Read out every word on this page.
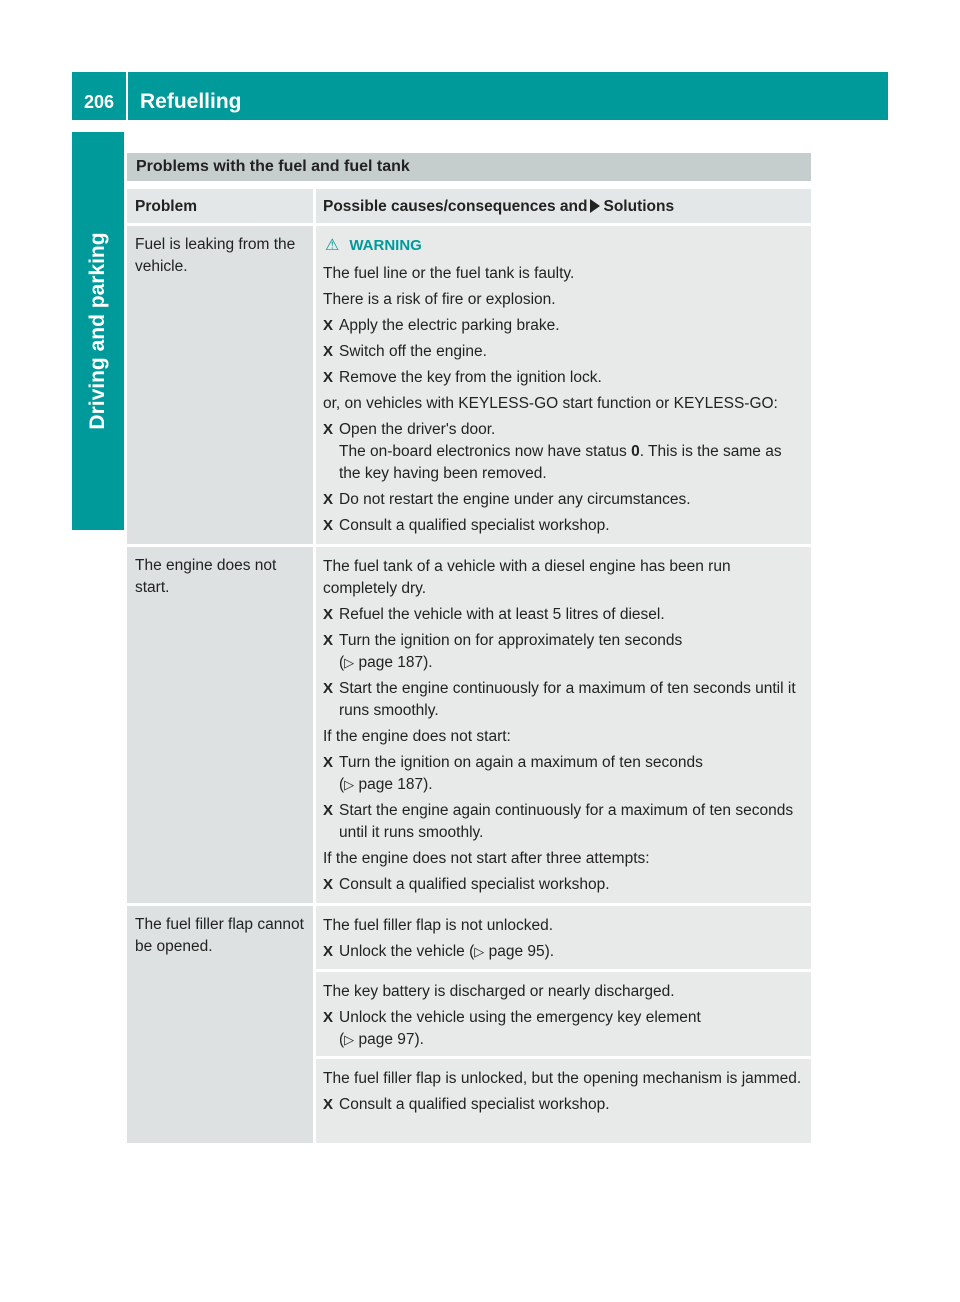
206	Refuelling
Driving and parking
Problems with the fuel and fuel tank
Problem	Possible causes/consequences and Solutions
Fuel is leaking from the vehicle.
⚠ WARNING
The fuel line or the fuel tank is faulty.
There is a risk of fire or explosion.
X Apply the electric parking brake.
X Switch off the engine.
X Remove the key from the ignition lock.
or, on vehicles with KEYLESS-GO start function or KEYLESS-GO:
X Open the driver's door.
The on-board electronics now have status 0. This is the same as the key having been removed.
X Do not restart the engine under any circumstances.
X Consult a qualified specialist workshop.
The engine does not start.
The fuel tank of a vehicle with a diesel engine has been run completely dry.
X Refuel the vehicle with at least 5 litres of diesel.
X Turn the ignition on for approximately ten seconds
(▷ page 187).
X Start the engine continuously for a maximum of ten seconds until it runs smoothly.
If the engine does not start:
X Turn the ignition on again a maximum of ten seconds
(▷ page 187).
X Start the engine again continuously for a maximum of ten seconds until it runs smoothly.
If the engine does not start after three attempts:
X Consult a qualified specialist workshop.
The fuel filler flap cannot be opened.
The fuel filler flap is not unlocked.
X Unlock the vehicle (▷ page 95).
The key battery is discharged or nearly discharged.
X Unlock the vehicle using the emergency key element
(▷ page 97).
The fuel filler flap is unlocked, but the opening mechanism is jammed.
X Consult a qualified specialist workshop.
